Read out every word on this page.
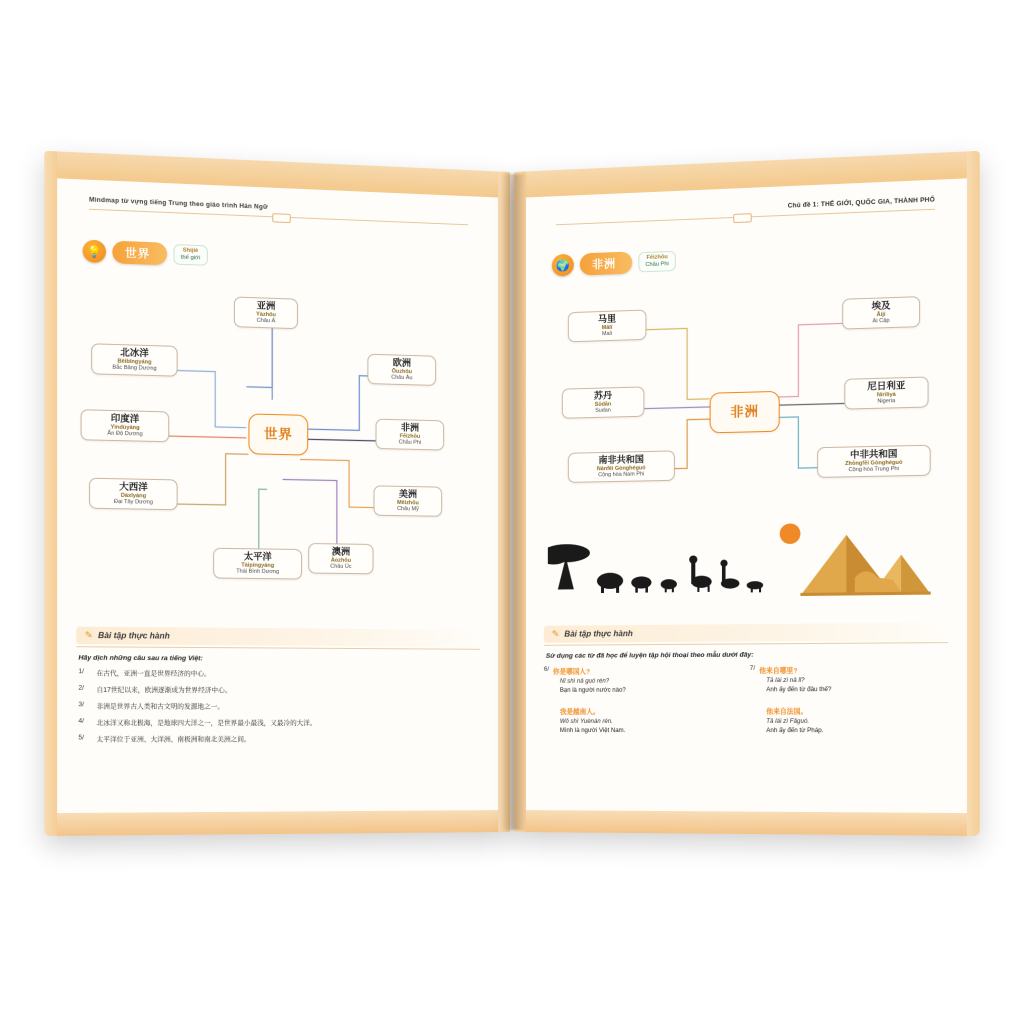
Mindmap từ vựng tiếng Trung theo giáo trình Hán Ngữ
💡	世界	Shìjiè
thế giới
世界
亚洲
Yàzhōu
Châu Á
北冰洋
Běibīngyáng
Bắc Băng Dương
欧洲
Ōuzhōu
Châu Âu
印度洋
Yìndùyáng
Ấn Độ Dương
非洲
Fēizhōu
Châu Phi
大西洋
Dàxīyáng
Đại Tây Dương
美洲
Měizhōu
Châu Mỹ
太平洋
Tàipíngyáng
Thái Bình Dương
澳洲
Àozhōu
Châu Úc
✎ Bài tập thực hành
Hãy dịch những câu sau ra tiếng Việt:
1/	在古代，亚洲一直是世界经济的中心。
2/	自17世纪以来，欧洲逐渐成为世界经济中心。
3/	非洲是世界古人类和古文明的发源地之一。
4/	北冰洋又称北极海，是地球四大洋之一，是世界最小最浅，又最冷的大洋。
5/	太平洋位于亚洲、大洋洲、南极洲和南北美洲之间。
Chủ đề 1: THẾ GIỚI, QUỐC GIA, THÀNH PHỐ
🌍	非洲
Fēizhōu
Châu Phi
非洲
马里
Mǎlǐ
Mali
埃及
Āijí
Ai Cập
苏丹
Sūdān
Sudan
尼日利亚
Nírìlìyà
Nigeria
南非共和国
Nánfēi Gònghéguó
Cộng hòa Nam Phi
中非共和国
Zhōngfēi Gònghéguó
Cộng hòa Trung Phi
✎ Bài tập thực hành
Sử dụng các từ đã học để luyện tập hội thoại theo mẫu dưới đây:
6/ 你是哪国人?
Nǐ shì nǎ guó rén?
Bạn là người nước nào?
我是越南人。
Wǒ shì Yuènán rén.
Mình là người Việt Nam.
7/ 他来自哪里?
Tā lái zì nǎ lǐ?
Anh ấy đến từ đâu thế?
他来自法国。
Tā lái zì Fǎguó.
Anh ấy đến từ Pháp.
